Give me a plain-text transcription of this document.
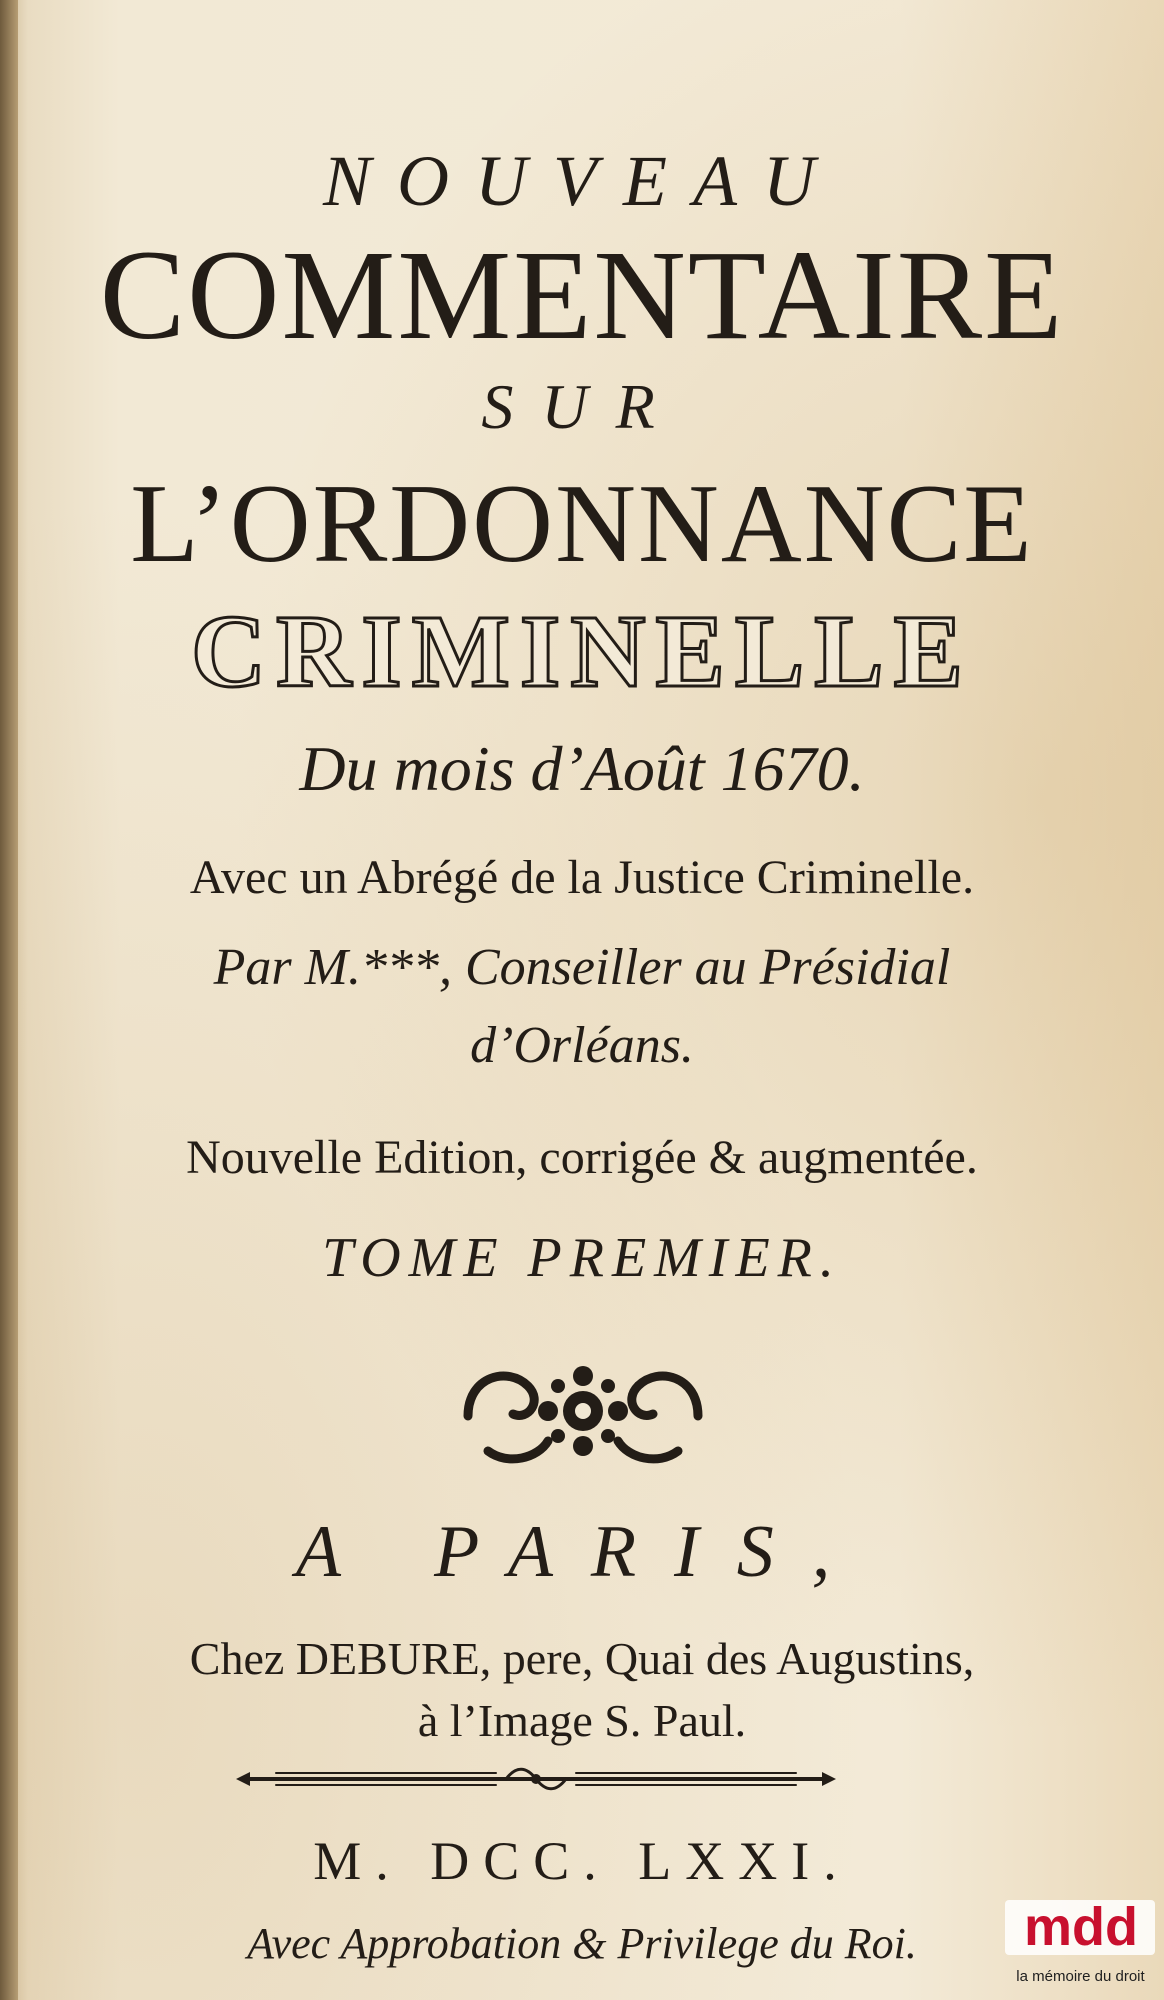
NOUVEAU
COMMENTAIRE
SUR
L’ORDONNANCE
CRIMINELLE
Du mois d’Août 1670.
Avec un Abrégé de la Justice Criminelle.
Par M.***, Conseiller au Présidial
d’Orléans.
Nouvelle Edition, corrigée & augmentée.
TOME PREMIER.
A PARIS,
Chez DEBURE, pere, Quai des Augustins,
à l’Image S. Paul.
M. DCC. LXXI.
Avec Approbation & Privilege du Roi.	mdd
la mémoire du droit
